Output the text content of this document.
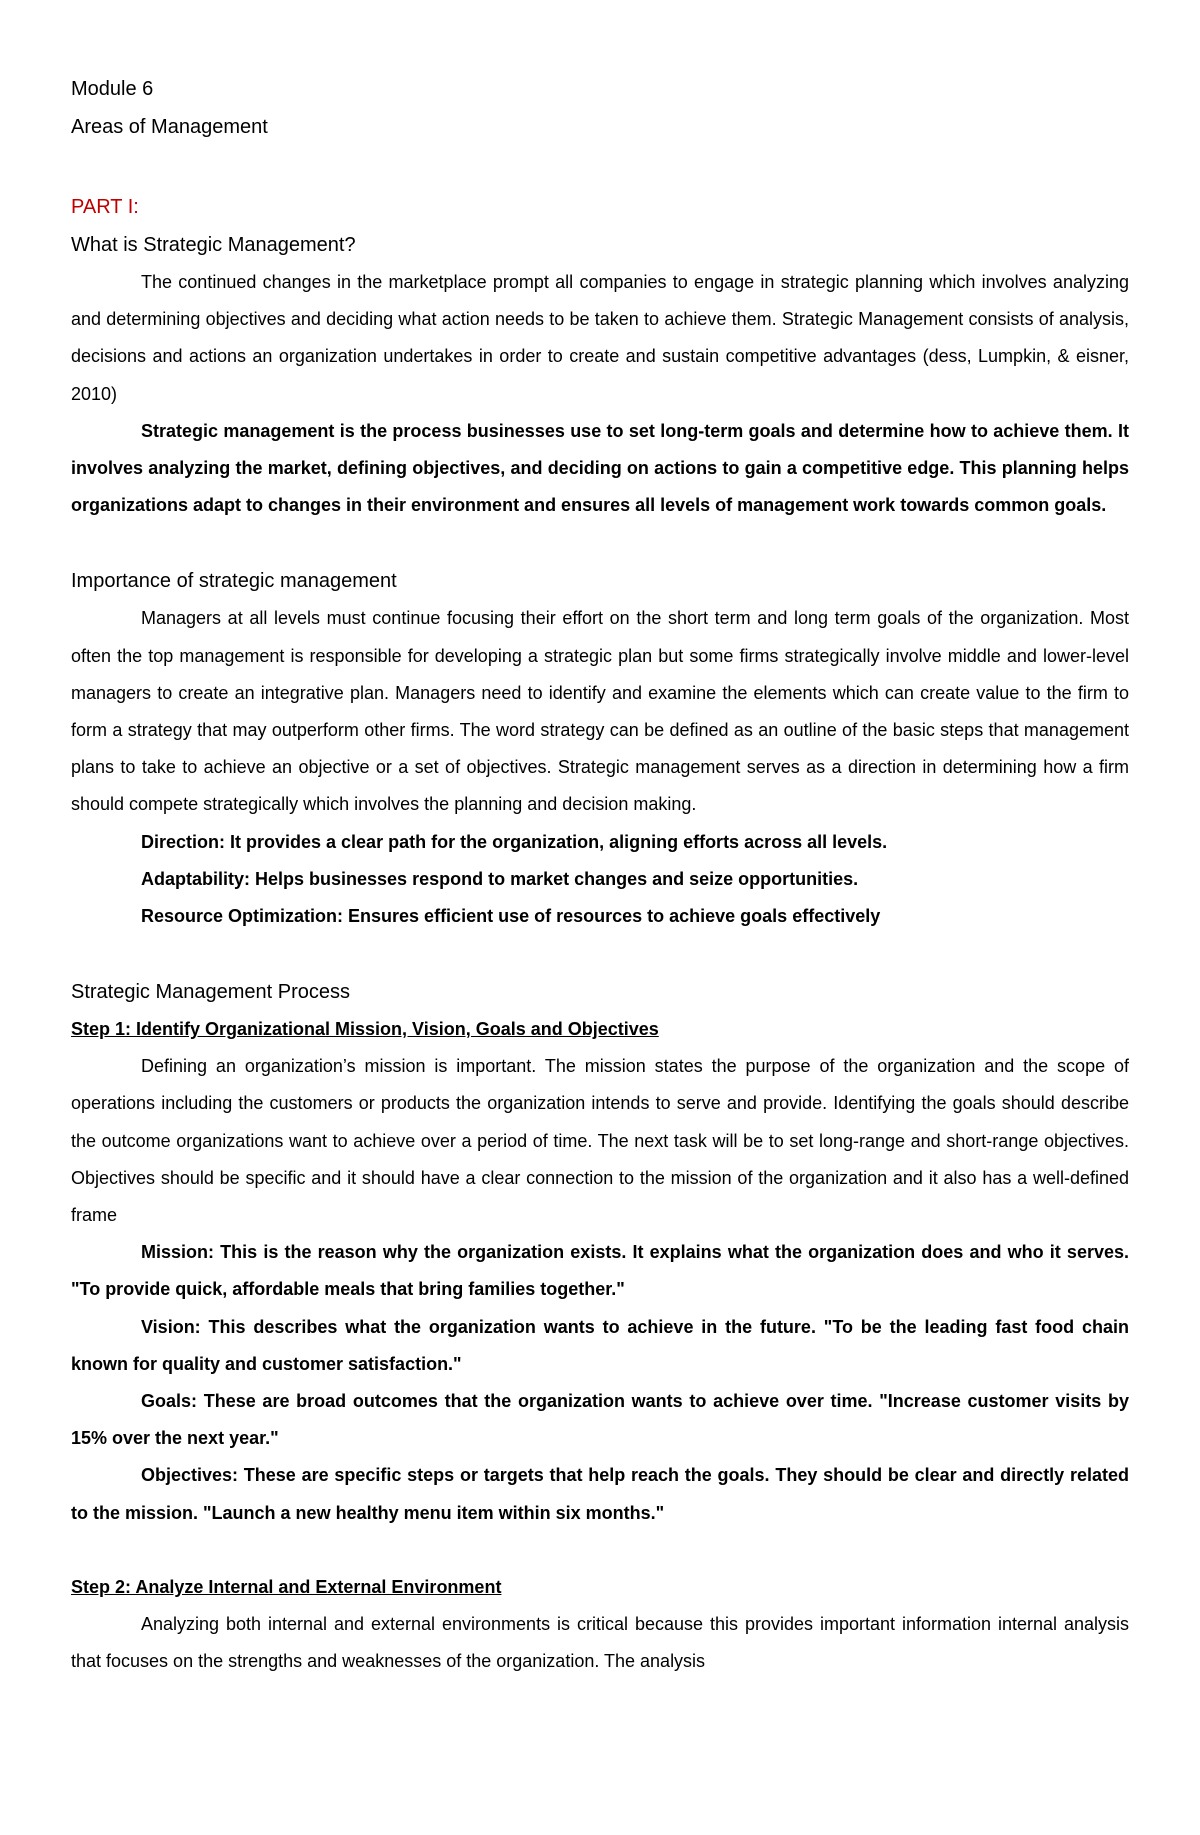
Module 6
Areas of Management
PART I:
What is Strategic Management?

The continued changes in the marketplace prompt all companies to engage in strategic planning which involves analyzing and determining objectives and deciding what action needs to be taken to achieve them. Strategic Management consists of analysis, decisions and actions an organization undertakes in order to create and sustain competitive advantages (dess, Lumpkin, & eisner, 2010)

Strategic management is the process businesses use to set long-term goals and determine how to achieve them. It involves analyzing the market, defining objectives, and deciding on actions to gain a competitive edge. This planning helps organizations adapt to changes in their environment and ensures all levels of management work towards common goals.

Importance of strategic management

Managers at all levels must continue focusing their effort on the short term and long term goals of the organization. Most often the top management is responsible for developing a strategic plan but some firms strategically involve middle and lower-level managers to create an integrative plan. Managers need to identify and examine the elements which can create value to the firm to form a strategy that may outperform other firms. The word strategy can be defined as an outline of the basic steps that management plans to take to achieve an objective or a set of objectives. Strategic management serves as a direction in determining how a firm should compete strategically which involves the planning and decision making.

Direction: It provides a clear path for the organization, aligning efforts across all levels.

Adaptability: Helps businesses respond to market changes and seize opportunities.

Resource Optimization: Ensures efficient use of resources to achieve goals effectively

Strategic Management Process
Step 1: Identify Organizational Mission, Vision, Goals and Objectives

Defining an organization’s mission is important. The mission states the purpose of the organization and the scope of operations including the customers or products the organization intends to serve and provide. Identifying the goals should describe the outcome organizations want to achieve over a period of time. The next task will be to set long-range and short-range objectives. Objectives should be specific and it should have a clear connection to the mission of the organization and it also has a well-defined frame

Mission: This is the reason why the organization exists. It explains what the organization does and who it serves. "To provide quick, affordable meals that bring families together."

Vision: This describes what the organization wants to achieve in the future. "To be the leading fast food chain known for quality and customer satisfaction."

Goals: These are broad outcomes that the organization wants to achieve over time. "Increase customer visits by 15% over the next year."

Objectives: These are specific steps or targets that help reach the goals. They should be clear and directly related to the mission. "Launch a new healthy menu item within six months."

Step 2: Analyze Internal and External Environment

Analyzing both internal and external environments is critical because this provides important information internal analysis that focuses on the strengths and weaknesses of the organization. The analysis
